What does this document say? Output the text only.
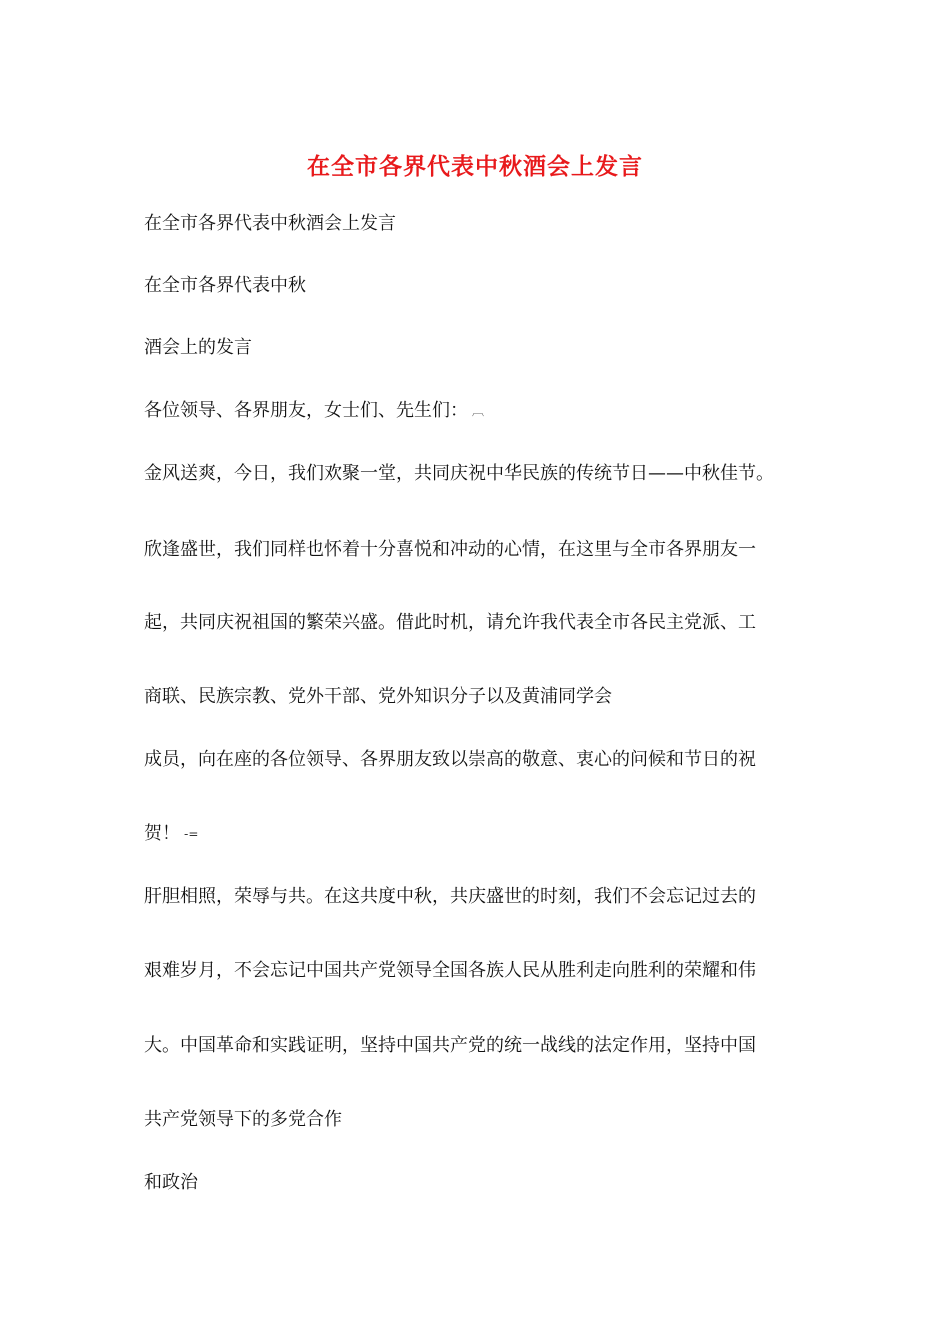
在全市各界代表中秋酒会上发言
在全市各界代表中秋酒会上发言
在全市各界代表中秋
酒会上的发言
各位领导、各界朋友，女士们、先生们： ︹
金风送爽，今日，我们欢聚一堂，共同庆祝中华民族的传统节日——中秋佳节。
欣逢盛世，我们同样也怀着十分喜悦和冲动的心情，在这里与全市各界朋友一
起，共同庆祝祖国的繁荣兴盛。借此时机，请允许我代表全市各民主党派、工
商联、民族宗教、党外干部、党外知识分子以及黄浦同学会
成员，向在座的各位领导、各界朋友致以崇高的敬意、衷心的问候和节日的祝
贺！ -=
肝胆相照，荣辱与共。在这共度中秋，共庆盛世的时刻，我们不会忘记过去的
艰难岁月，不会忘记中国共产党领导全国各族人民从胜利走向胜利的荣耀和伟
大。中国革命和实践证明，坚持中国共产党的统一战线的法定作用，坚持中国
共产党领导下的多党合作
和政治
